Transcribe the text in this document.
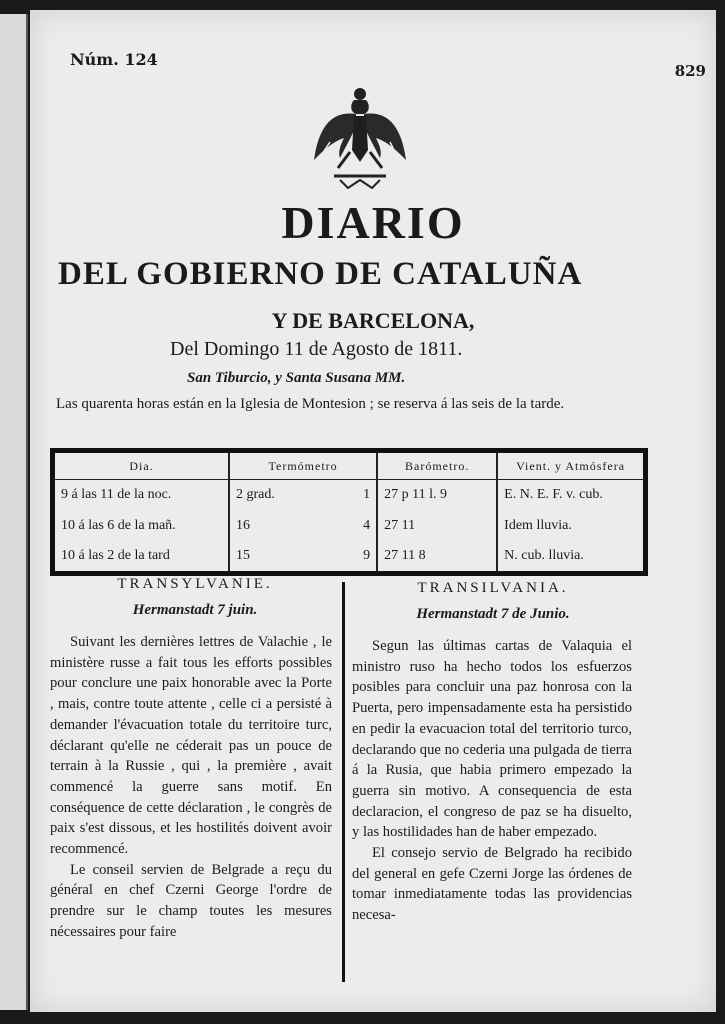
Núm. 124
829
DIARIO
DEL GOBIERNO DE CATALUÑA
Y DE BARCELONA,
Del Domingo 11 de Agosto de 1811.
San Tiburcio, y Santa Susana MM.
Las quarenta horas están en la Iglesia de Montesion ; se reserva á las seis de la tarde.
Dia.	Termómetro		Barómetro.	Vient. y Atmósfera
9 á las 11 de la noc.	2 grad.	1	27 p 11 l. 9	E. N. E. F. v. cub.
10 á las 6 de la mañ.	16	4	27 11	Idem lluvia.
10 á las 2 de la tard	15	9	27 11 8	N. cub. lluvia.
TRANSYLVANIE.
Hermanstadt 7 juin.

Suivant les dernières lettres de Valachie , le ministère russe a fait tous les efforts possibles pour conclure une paix honorable avec la Porte , mais, contre toute attente , celle ci a persisté à demander l'évacuation totale du territoire turc, déclarant qu'elle ne céderait pas un pouce de terrain à la Russie , qui , la première , avait commencé la guerre sans motif. En conséquence de cette déclaration , le congrès de paix s'est dissous, et les hostilités doivent avoir recommencé.

Le conseil servien de Belgrade a reçu du général en chef Czerni George l'ordre de prendre sur le champ toutes les mesures nécessaires pour faire

TRANSILVANIA.
Hermanstadt 7 de Junio.

Segun las últimas cartas de Valaquia el ministro ruso ha hecho todos los esfuerzos posibles para concluir una paz honrosa con la Puerta, pero impensadamente esta ha persistido en pedir la evacuacion total del territorio turco, declarando que no cederia una pulgada de tierra á la Rusia, que habia primero empezado la guerra sin motivo. A consequencia de esta declaracion, el congreso de paz se ha disuelto, y las hostilidades han de haber empezado.

El consejo servio de Belgrado ha recibido del general en gefe Czerni Jorge las órdenes de tomar inmediatamente todas las providencias necesa-
